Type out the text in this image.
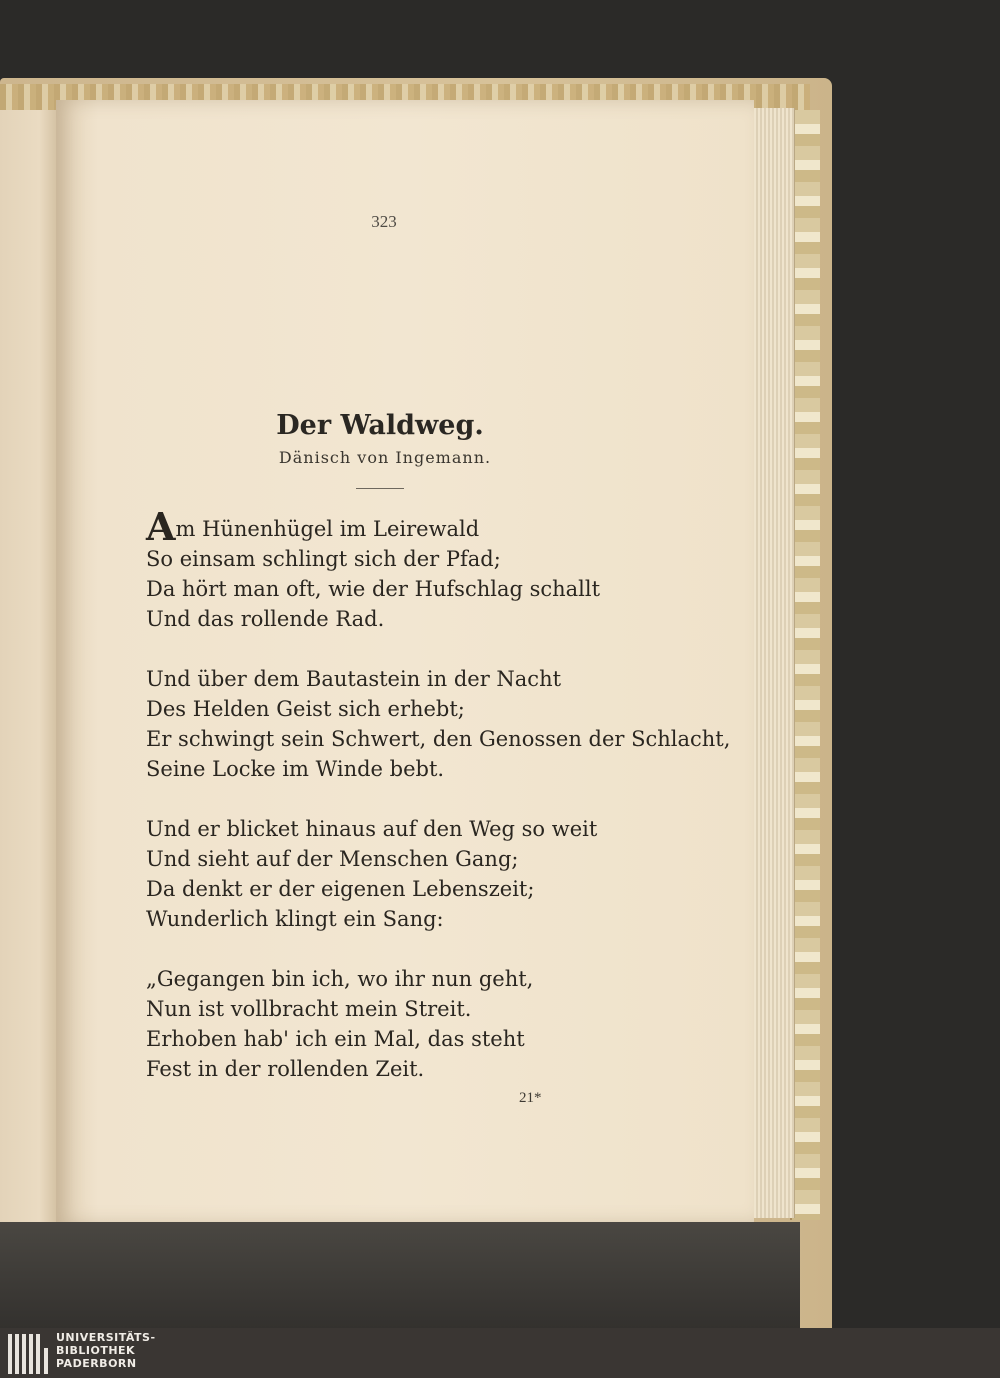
323
Der Waldweg.
Dänisch von Ingemann.
Am Hünenhügel im Leirewald
So einsam schlingt sich der Pfad;
Da hört man oft, wie der Hufschlag schallt
Und das rollende Rad.
Und über dem Bautastein in der Nacht
Des Helden Geist sich erhebt;
Er schwingt sein Schwert, den Genossen der Schlacht,
Seine Locke im Winde bebt.
Und er blicket hinaus auf den Weg so weit
Und sieht auf der Menschen Gang;
Da denkt er der eigenen Lebenszeit;
Wunderlich klingt ein Sang:
„Gegangen bin ich, wo ihr nun geht,
Nun ist vollbracht mein Streit.
Erhoben hab' ich ein Mal, das steht
Fest in der rollenden Zeit.
21*
UNIVERSITÄTS-
BIBLIOTHEK
PADERBORN
